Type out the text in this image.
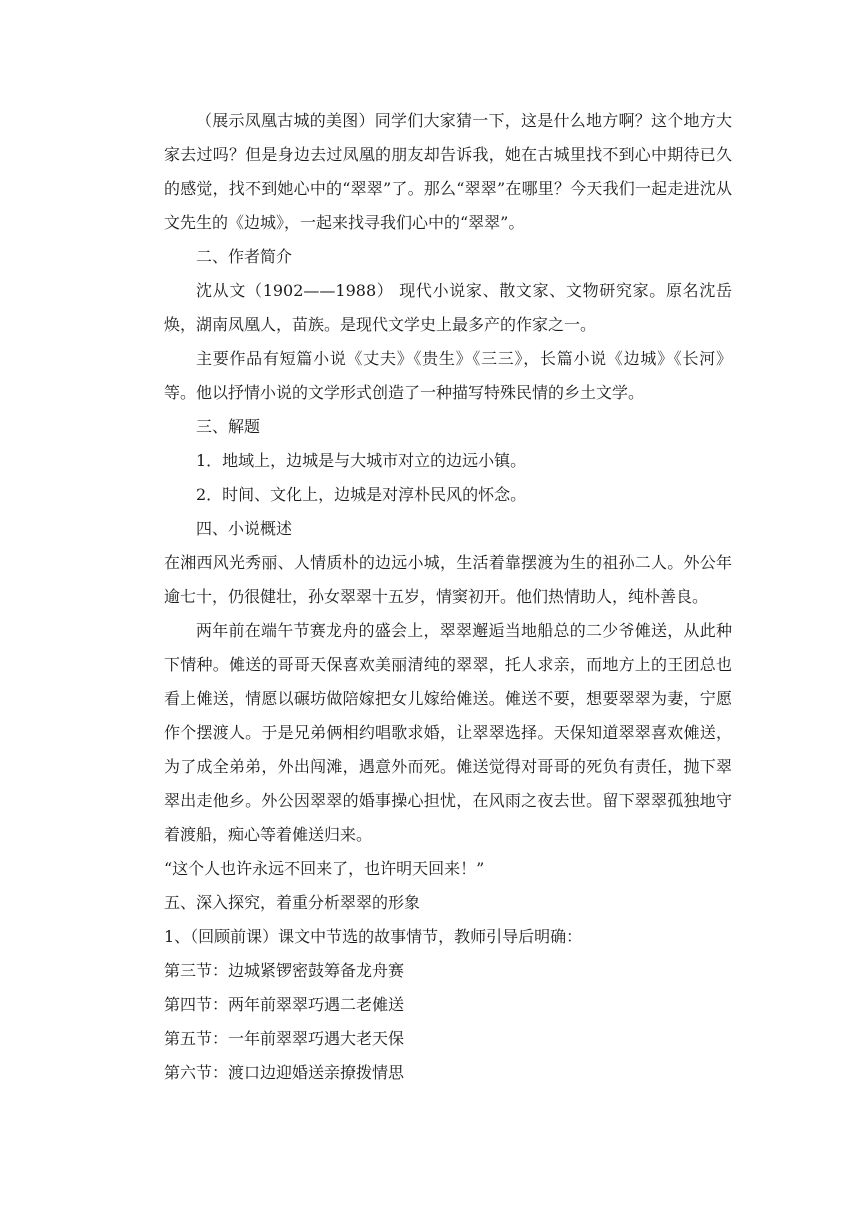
（展示凤凰古城的美图）同学们大家猜一下，这是什么地方啊？这个地方大家去过吗？但是身边去过凤凰的朋友却告诉我，她在古城里找不到心中期待已久的感觉，找不到她心中的“翠翠”了。那么“翠翠”在哪里？今天我们一起走进沈从文先生的《边城》，一起来找寻我们心中的“翠翠”。

二、作者简介

沈从文（1902——1988） 现代小说家、散文家、文物研究家。原名沈岳焕，湖南凤凰人，苗族。是现代文学史上最多产的作家之一。

主要作品有短篇小说《丈夫》《贵生》《三三》，长篇小说《边城》《长河》等。他以抒情小说的文学形式创造了一种描写特殊民情的乡土文学。

三、解题

1．地域上，边城是与大城市对立的边远小镇。

2．时间、文化上，边城是对淳朴民风的怀念。

四、小说概述

在湘西风光秀丽、人情质朴的边远小城，生活着靠摆渡为生的祖孙二人。外公年逾七十，仍很健壮，孙女翠翠十五岁，情窦初开。他们热情助人，纯朴善良。

两年前在端午节赛龙舟的盛会上，翠翠邂逅当地船总的二少爷傩送，从此种下情种。傩送的哥哥天保喜欢美丽清纯的翠翠，托人求亲，而地方上的王团总也看上傩送，情愿以碾坊做陪嫁把女儿嫁给傩送。傩送不要，想要翠翠为妻，宁愿作个摆渡人。于是兄弟俩相约唱歌求婚，让翠翠选择。天保知道翠翠喜欢傩送，为了成全弟弟，外出闯滩，遇意外而死。傩送觉得对哥哥的死负有责任，抛下翠翠出走他乡。外公因翠翠的婚事操心担忧，在风雨之夜去世。留下翠翠孤独地守着渡船，痴心等着傩送归来。

“这个人也许永远不回来了，也许明天回来！”

五、深入探究，着重分析翠翠的形象

1、（回顾前课）课文中节选的故事情节，教师引导后明确：

第三节：边城紧锣密鼓筹备龙舟赛

第四节：两年前翠翠巧遇二老傩送

第五节：一年前翠翠巧遇大老天保

第六节：渡口边迎婚送亲撩拨情思
